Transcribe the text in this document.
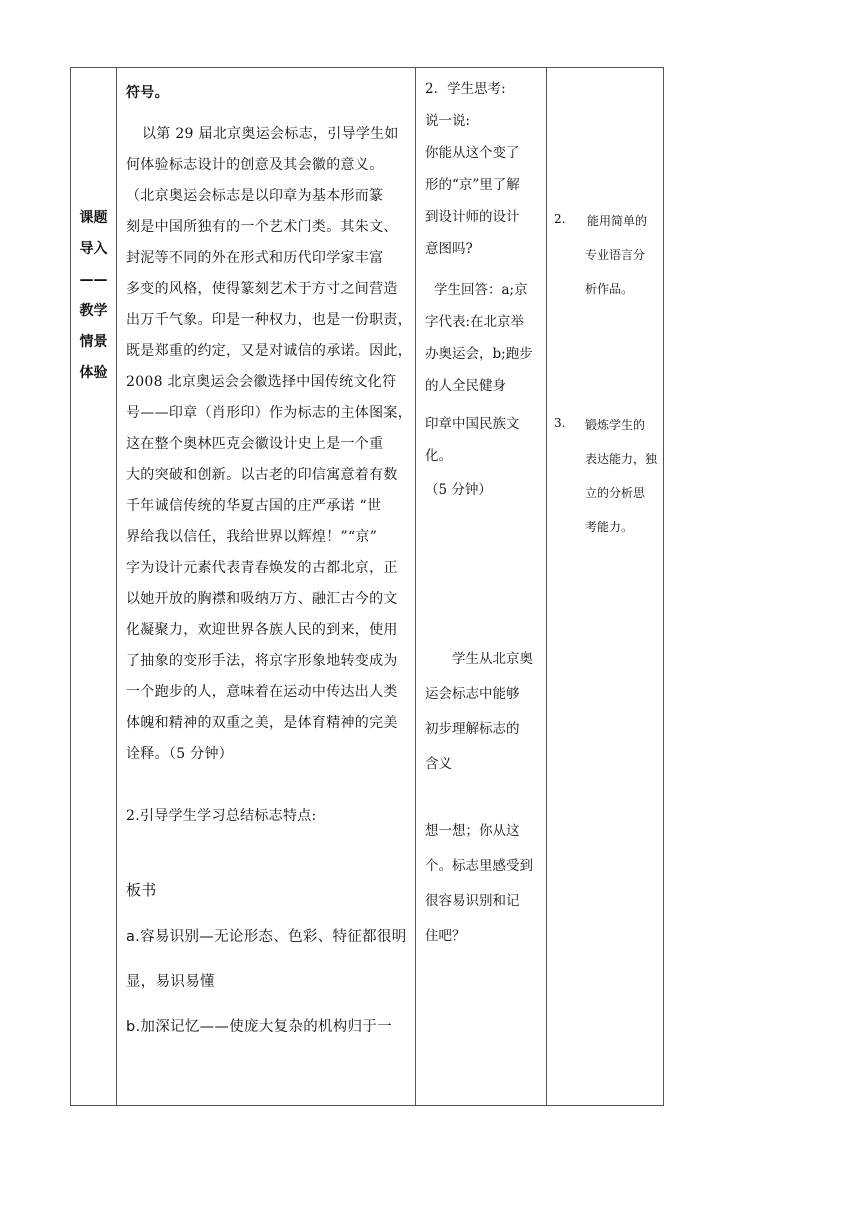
课题
导入
——
教学
情景
体验
符号。
以第 29 届北京奥运会标志，引导学生如
何体验标志设计的创意及其会徽的意义。
（北京奥运会标志是以印章为基本形而篆
刻是中国所独有的一个艺术门类。其朱文、
封泥等不同的外在形式和历代印学家丰富
多变的风格，使得篆刻艺术于方寸之间营造
出万千气象。印是一种权力，也是一份职责，
既是郑重的约定，又是对诚信的承诺。因此，
2008 北京奥运会会徽选择中国传统文化符
号——印章（肖形印）作为标志的主体图案，
这在整个奥林匹克会徽设计史上是一个重
大的突破和创新。以古老的印信寓意着有数
千年诚信传统的华夏古国的庄严承诺 “世
界给我以信任，我给世界以辉煌！”“京”
字为设计元素代表青春焕发的古都北京，正
以她开放的胸襟和吸纳万方、融汇古今的文
化凝聚力，欢迎世界各族人民的到来，使用
了抽象的变形手法，将京字形象地转变成为
一个跑步的人，意味着在运动中传达出人类
体魄和精神的双重之美，是体育精神的完美
诠释。（5 分钟）
2.引导学生学习总结标志特点:
板书
a.容易识别—无论形态、色彩、特征都很明
显，易识易懂
b.加深记忆——使庞大复杂的机构归于一
2．学生思考:
说一说:
你能从这个变了
形的“京”里了解
到设计师的设计
意图吗?
学生回答：a;京
字代表:在北京举
办奥运会，b;跑步
的人全民健身
印章中国民族文
化。
（5 分钟）
学生从北京奥
运会标志中能够
初步理解标志的
含义
想一想；你从这
个。标志里感受到
很容易识别和记
住吧？
2. 能用简单的
专业语言分
析作品。
3. 锻炼学生的
表达能力，独
立的分析思
考能力。
